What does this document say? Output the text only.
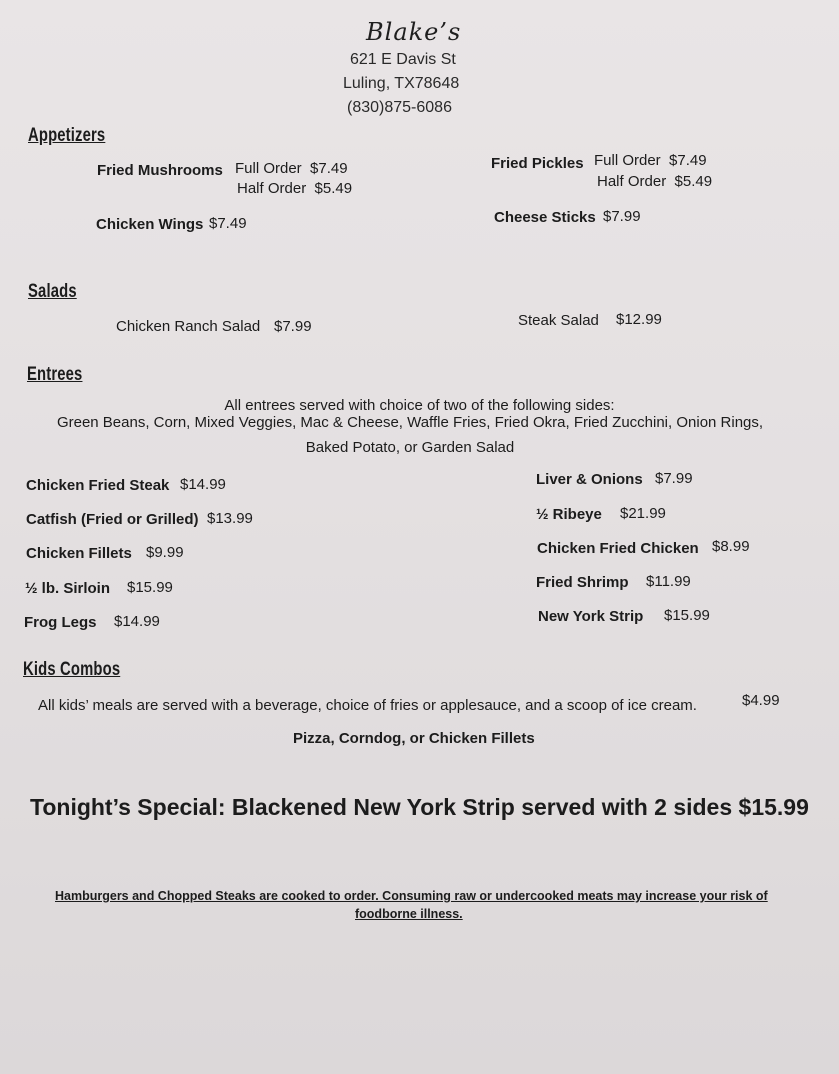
Blake’s
621 E Davis St
Luling, TX78648
(830)875-6086
Appetizers
Fried Mushrooms Full Order  $7.49
Half Order  $5.49
Fried Pickles Full Order  $7.49
Half Order  $5.49
Chicken Wings $7.49	Cheese Sticks $7.99
Salads
Chicken Ranch Salad $7.99	Steak Salad $12.99
Entrees
All entrees served with choice of two of the following sides:
Green Beans, Corn, Mixed Veggies, Mac & Cheese, Waffle Fries, Fried Okra, Fried Zucchini, Onion Rings,
Baked Potato, or Garden Salad
Chicken Fried Steak $14.99
Catfish (Fried or Grilled) $13.99
Chicken Fillets $9.99
½ lb. Sirloin $15.99
Frog Legs $14.99
Liver & Onions $7.99
½ Ribeye $21.99
Chicken Fried Chicken $8.99
Fried Shrimp $11.99
New York Strip $15.99
Kids Combos
All kids’ meals are served with a beverage, choice of fries or applesauce, and a scoop of ice cream.	$4.99
Pizza, Corndog, or Chicken Fillets
Tonight’s Special: Blackened New York Strip served with 2 sides $15.99
Hamburgers and Chopped Steaks are cooked to order. Consuming raw or undercooked meats may increase your risk of
foodborne illness.
